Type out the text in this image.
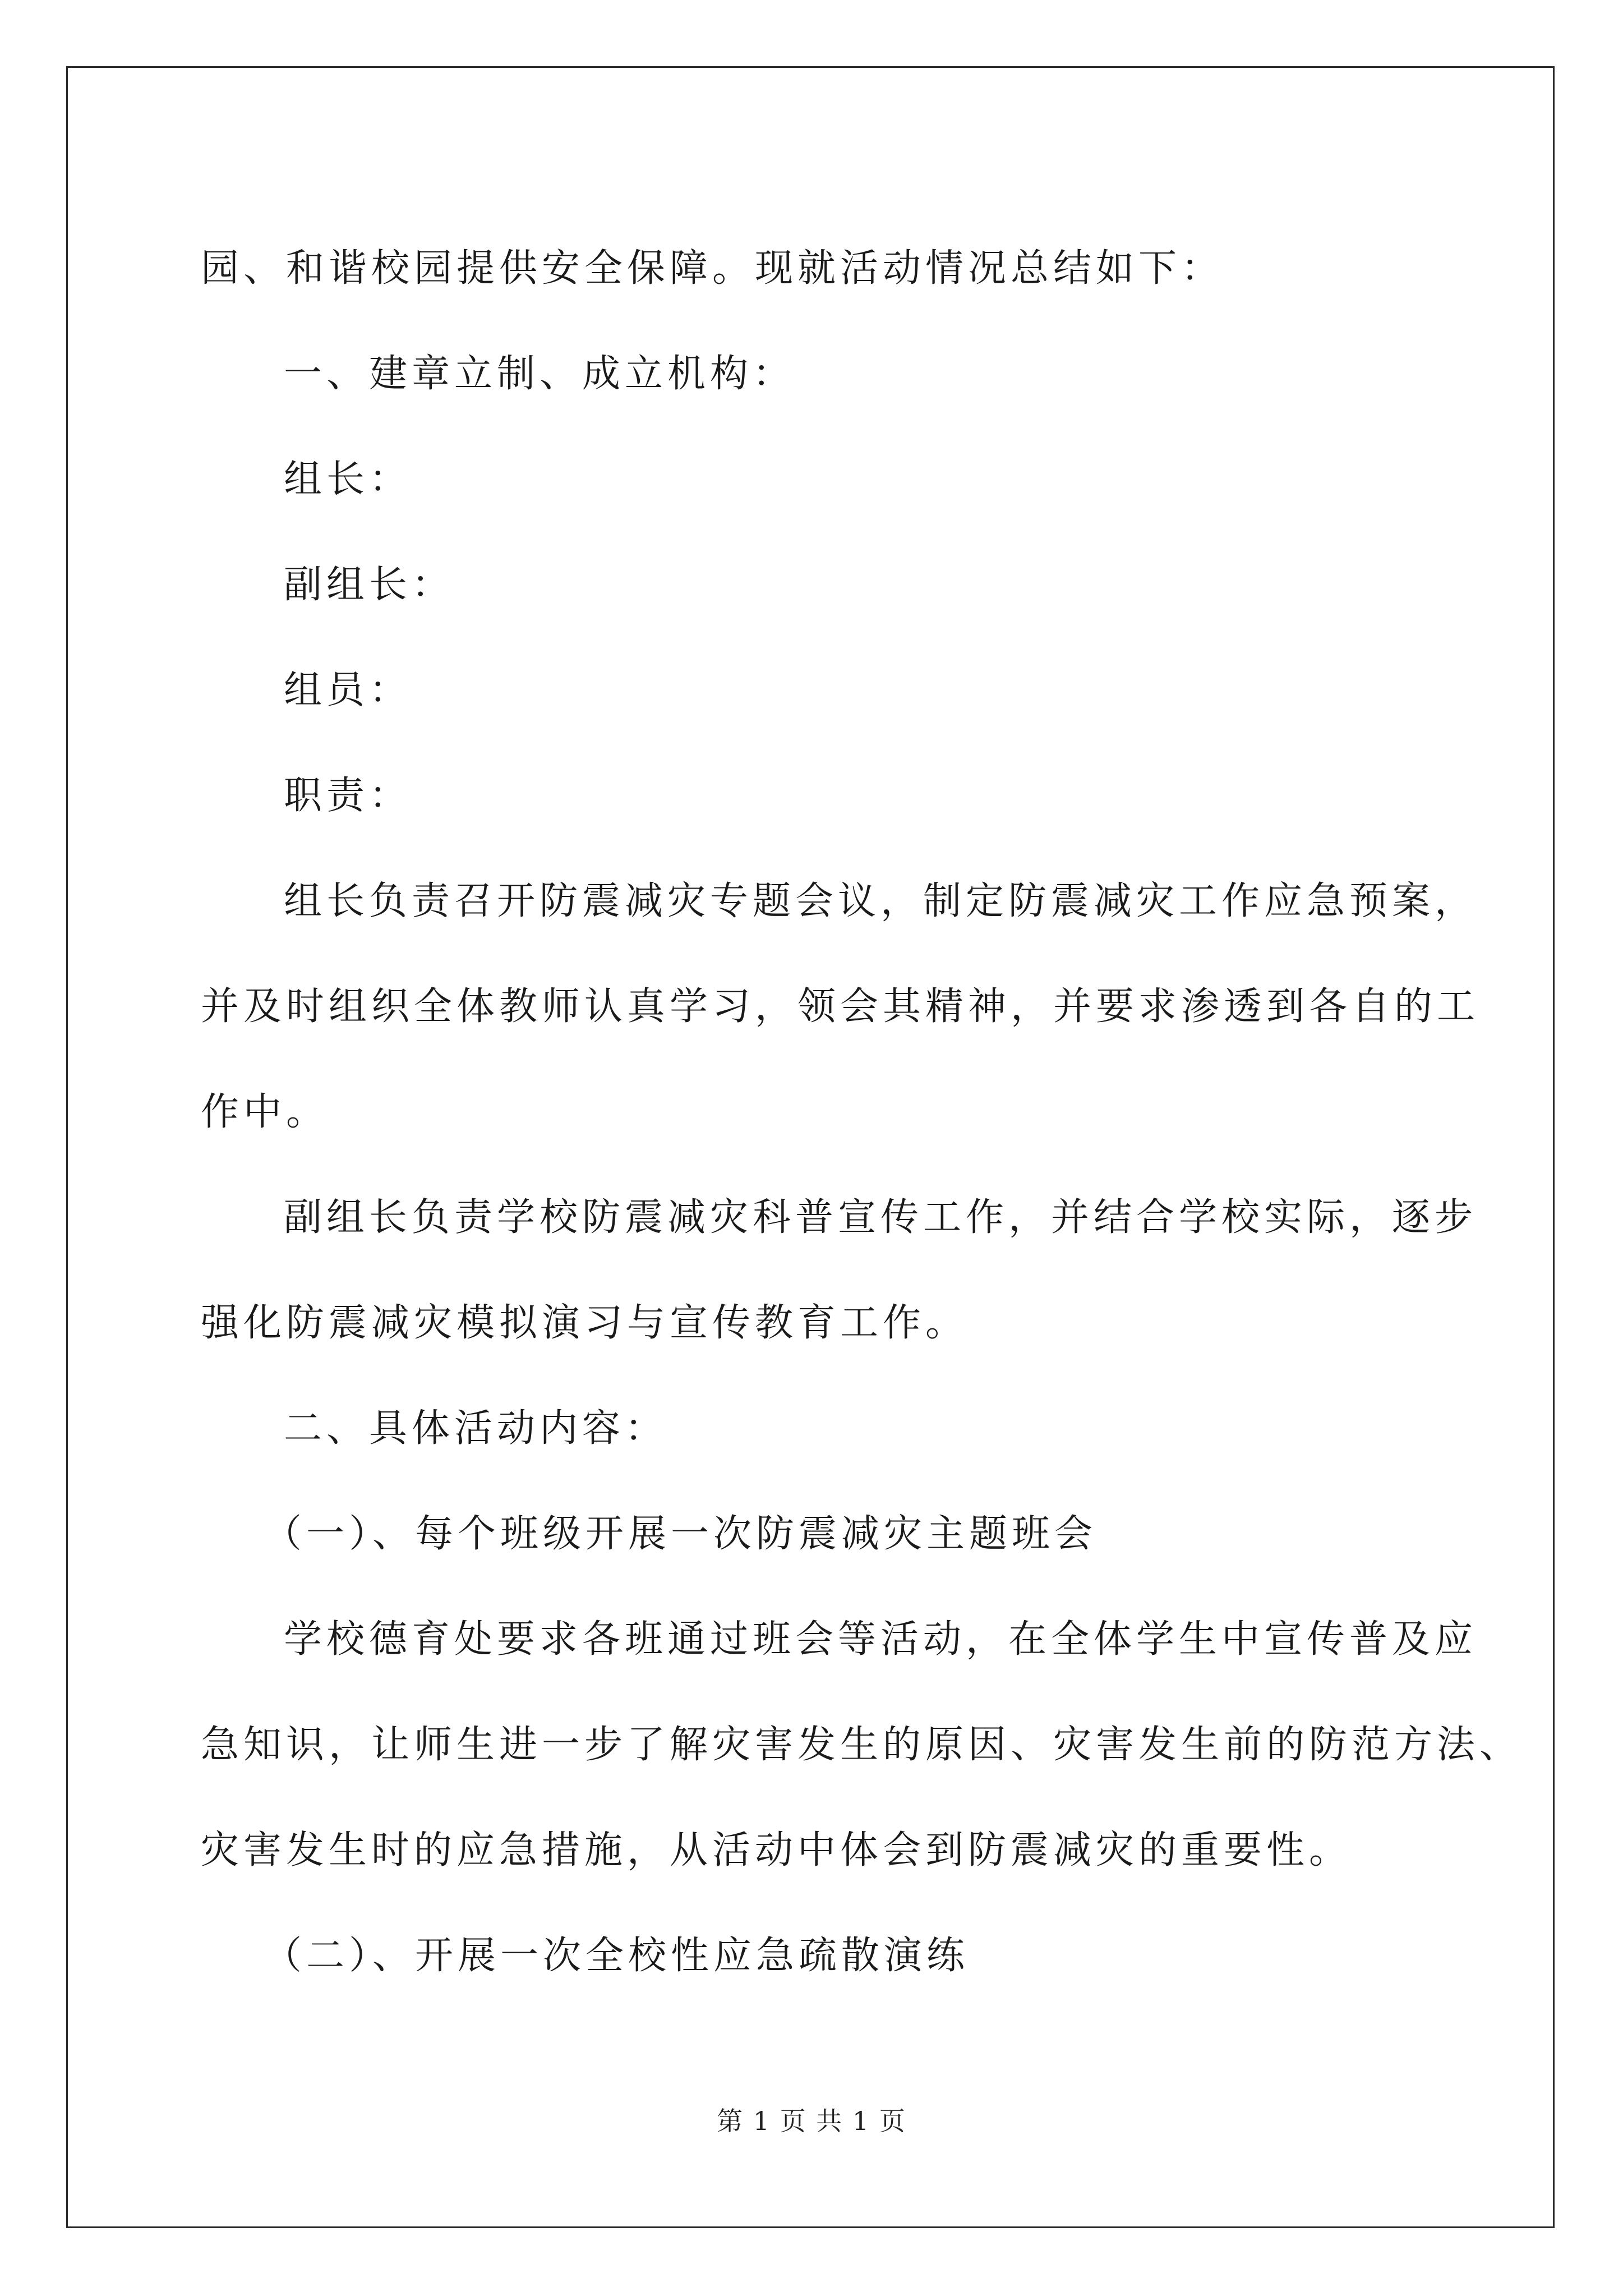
园、和谐校园提供安全保障。现就活动情况总结如下：

一、建章立制、成立机构：

组长：

副组长：

组员：

职责：

组长负责召开防震减灾专题会议，制定防震减灾工作应急预案，

并及时组织全体教师认真学习，领会其精神，并要求渗透到各自的工

作中。

副组长负责学校防震减灾科普宣传工作，并结合学校实际，逐步

强化防震减灾模拟演习与宣传教育工作。

二、具体活动内容：

（一）、每个班级开展一次防震减灾主题班会

学校德育处要求各班通过班会等活动，在全体学生中宣传普及应

急知识，让师生进一步了解灾害发生的原因、灾害发生前的防范方法、

灾害发生时的应急措施，从活动中体会到防震减灾的重要性。

（二）、开展一次全校性应急疏散演练

第 1 页 共 1 页
